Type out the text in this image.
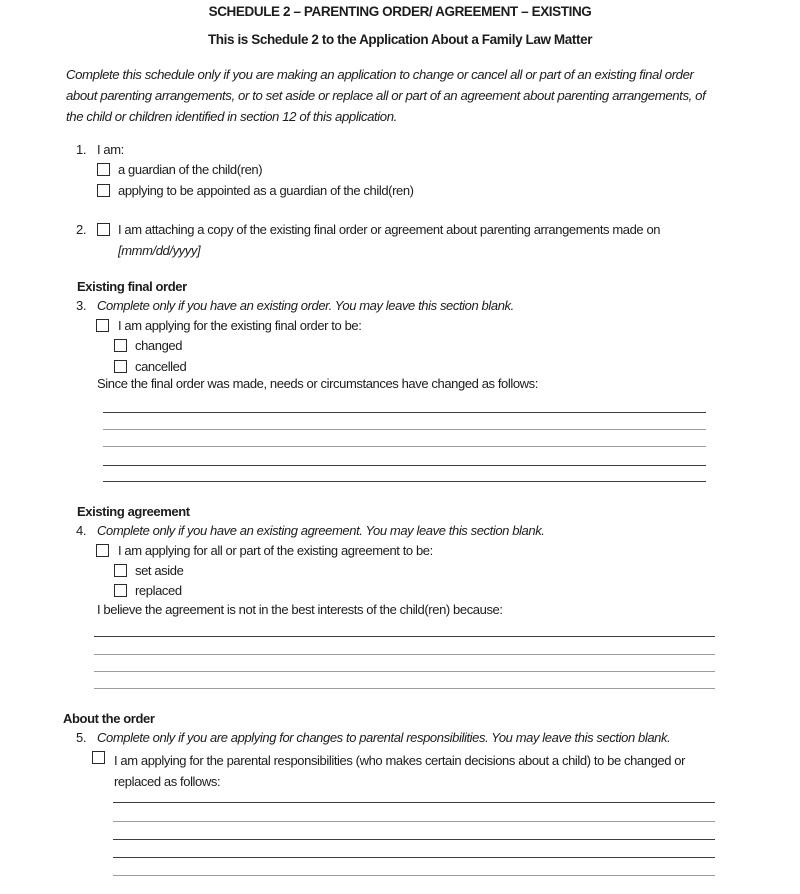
SCHEDULE 2 – PARENTING ORDER/ AGREEMENT – EXISTING
This is Schedule 2 to the Application About a Family Law Matter
Complete this schedule only if you are making an application to change or cancel all or part of an existing final order about parenting arrangements, or to set aside or replace all or part of an agreement about parenting arrangements, of the child or children identified in section 12 of this application.
1. I am:
a guardian of the child(ren)
applying to be appointed as a guardian of the child(ren)
2. I am attaching a copy of the existing final order or agreement about parenting arrangements made on
[mmm/dd/yyyy]
Existing final order
3. Complete only if you have an existing order. You may leave this section blank.
I am applying for the existing final order to be:
changed
cancelled
Since the final order was made, needs or circumstances have changed as follows:
Existing agreement
4. Complete only if you have an existing agreement. You may leave this section blank.
I am applying for all or part of the existing agreement to be:
set aside
replaced
I believe the agreement is not in the best interests of the child(ren) because:
About the order
5. Complete only if you are applying for changes to parental responsibilities. You may leave this section blank.
I am applying for the parental responsibilities (who makes certain decisions about a child) to be changed or replaced as follows:
